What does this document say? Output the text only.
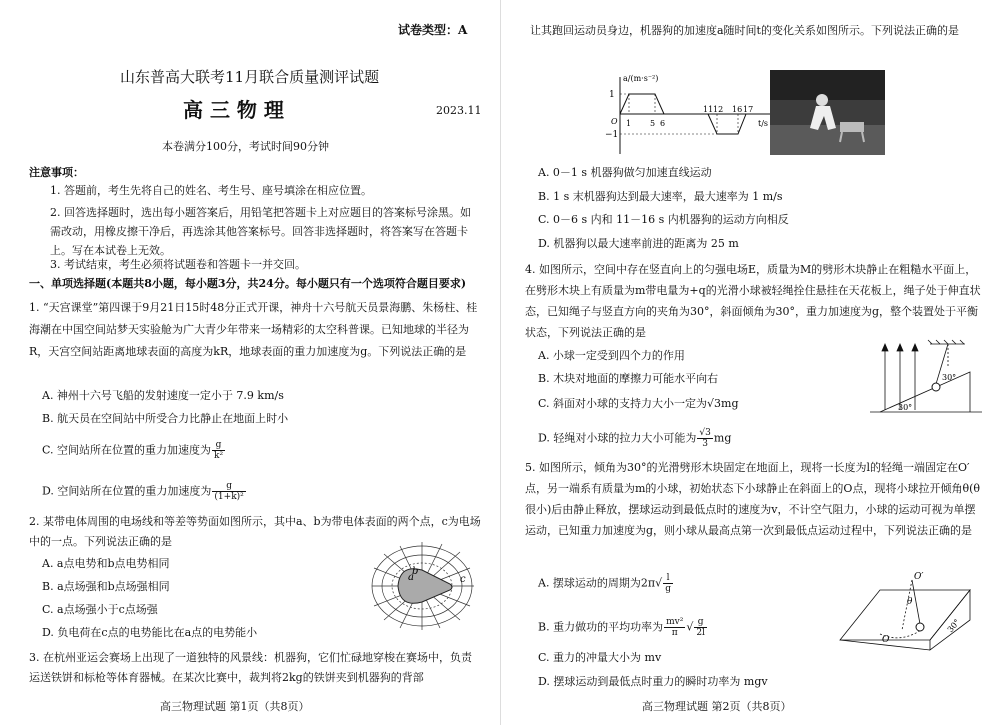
试卷类型：A
山东普高大联考11月联合质量测评试题
高 三 物 理	2023.11
本卷满分100分，考试时间90分钟
注意事项：
1. 答题前，考生先将自己的姓名、考生号、座号填涂在相应位置。
2. 回答选择题时，选出每小题答案后，用铅笔把答题卡上对应题目的答案标号涂黑。如需改动，用橡皮擦干净后，再选涂其他答案标号。回答非选择题时，将答案写在答题卡上。写在本试卷上无效。
3. 考试结束，考生必须将试题卷和答题卡一并交回。
一、单项选择题(本题共8小题，每小题3分，共24分。每小题只有一个选项符合题目要求)
1. “天宫课堂”第四课于9月21日15时48分正式开课，神舟十六号航天员景海鹏、朱杨柱、桂海潮在中国空间站梦天实验舱为广大青少年带来一场精彩的太空科普课。已知地球的半径为R，天宫空间站距离地球表面的高度为kR，地球表面的重力加速度为g。下列说法正确的是
A. 神州十六号飞船的发射速度一定小于 7.9 km/s
B. 航天员在空间站中所受合力比静止在地面上时小
C. 空间站所在位置的重力加速度为 $\frac{g}{\text{k²}}$
D. 空间站所在位置的重力加速度为 $\frac{g}{\text{(1+k)²}}$
2. 某带电体周围的电场线和等差等势面如图所示，其中a、b为带电体表面的两个点，c为电场中的一点。下列说法正确的是
A. a点电势和b点电势相同
B. a点场强和b点场强相同
C. a点场强小于c点场强
D. 负电荷在c点的电势能比在a点的电势能小
a
b
c
3. 在杭州亚运会赛场上出现了一道独特的风景线：机器狗，它们忙碌地穿梭在赛场中，负责运送铁饼和标枪等体育器械。在某次比赛中，裁判将2kg的铁饼夹到机器狗的背部
高三物理试题 第1页（共8页）
让其跑回运动员身边，机器狗的加速度a随时间t的变化关系如图所示。下列说法正确的是
a/(m·s⁻²)
t/s
1
−1
O 1 5 6
11 12 16 17
A. 0－1 s 机器狗做匀加速直线运动
B. 1 s 末机器狗达到最大速率，最大速率为 1 m/s
C. 0－6 s 内和 11－16 s 内机器狗的运动方向相反
D. 机器狗以最大速率前进的距离为 25 m
4. 如图所示，空间中存在竖直向上的匀强电场E，质量为M的劈形木块静止在粗糙水平面上，在劈形木块上有质量为m带电量为+q的光滑小球被轻绳拴住悬挂在天花板上，绳子处于伸直状态，已知绳子与竖直方向的夹角为30°，斜面倾角为30°，重力加速度为g，整个装置处于平衡状态，下列说法正确的是
A. 小球一定受到四个力的作用
B. 木块对地面的摩擦力可能水平向右
C. 斜面对小球的支持力大小一定为√3mg
D. 轻绳对小球的拉力大小可能为 $\frac{√3}{3}$ mg
30°
30°
5. 如图所示，倾角为30°的光滑劈形木块固定在地面上，现将一长度为l的轻绳一端固定在O′点，另一端系有质量为m的小球，初始状态下小球静止在斜面上的O点，现将小球拉开倾角θ(θ很小)后由静止释放，摆球运动到最低点时的速度为v，不计空气阻力，小球的运动可视为单摆运动，已知重力加速度为g，则小球从最高点第一次到最低点运动过程中，下列说法正确的是
A. 摆球运动的周期为$2\pi√ \frac{l}{g}$
B. 重力做功的平均功率为 $\frac{\text{mv²}}{\pi}$ √ $\frac{g}{2l}$
C. 重力的冲量大小为 mv
D. 摆球运动到最低点时重力的瞬时功率为 mgv
O′
θ
O
30°
高三物理试题 第2页（共8页）
